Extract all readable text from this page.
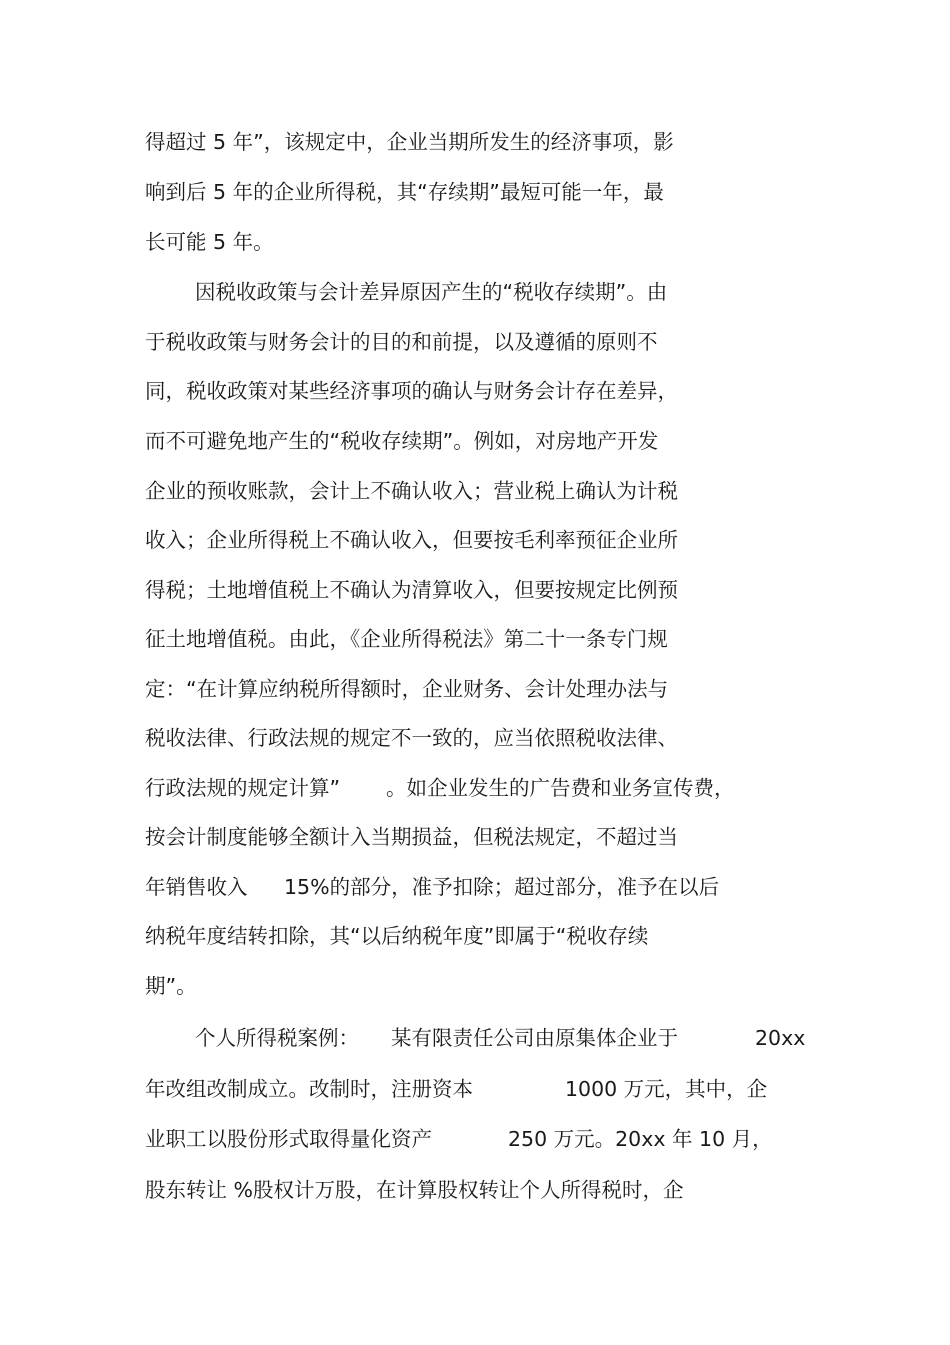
得超过 5 年”，该规定中，企业当期所发生的经济事项，影
响到后 5 年的企业所得税，其“存续期”最短可能一年，最
长可能 5 年。
因税收政策与会计差异原因产生的“税收存续期”。由
于税收政策与财务会计的目的和前提，以及遵循的原则不
同，税收政策对某些经济事项的确认与财务会计存在差异，
而不可避免地产生的“税收存续期”。例如，对房地产开发
企业的预收账款，会计上不确认收入；营业税上确认为计税
收入；企业所得税上不确认收入，但要按毛利率预征企业所
得税；土地增值税上不确认为清算收入，但要按规定比例预
征土地增值税。由此，《企业所得税法》第二十一条专门规
定：“在计算应纳税所得额时，企业财务、会计处理办法与
税收法律、行政法规的规定不一致的，应当依照税收法律、

行政法规的规定计算”

。如企业发生的广告费和业务宣传费，

按会计制度能够全额计入当期损益，但税法规定，不超过当

年销售收入

15%的部分，准予扣除；超过部分，准予在以后

纳税年度结转扣除，其“以后纳税年度”即属于“税收存续
期”。

个人所得税案例：

某有限责任公司由原集体企业于

	20xx

年改组改制成立。改制时，注册资本

	1000 万元，其中，企

业职工以股份形式取得量化资产

	250 万元。20xx 年 10 月，

股东转让 %股权计万股，在计算股权转让个人所得税时，企
